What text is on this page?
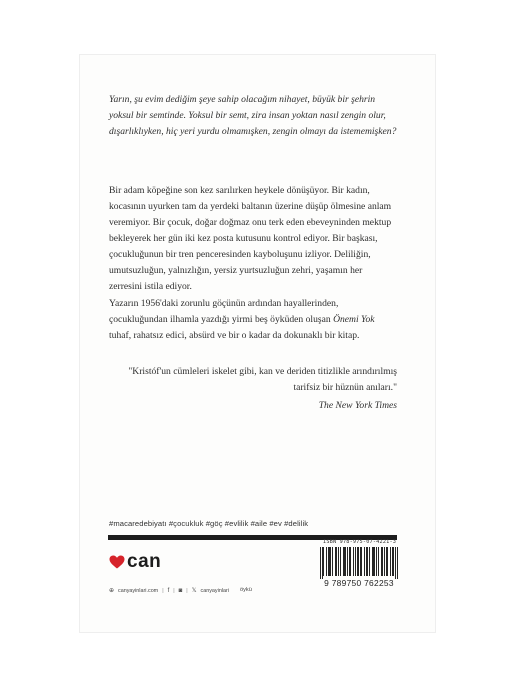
Yarın, şu evim dediğim şeye sahip olacağım nihayet, büyük bir şehrin yoksul bir semtinde. Yoksul bir semt, zira insan yoktan nasıl zengin olur, dışarlıklıyken, hiç yeri yurdu olmamışken, zengin olmayı da istememişken?

Bir adam köpeğine son kez sarılırken heykele dönüşüyor. Bir kadın, kocasının uyurken tam da yerdeki baltanın üzerine düşüp ölmesine anlam veremiyor. Bir çocuk, doğar doğmaz onu terk eden ebeveyninden mektup bekleyerek her gün iki kez posta kutusunu kontrol ediyor. Bir başkası, çocukluğunun bir tren penceresinden kayboluşunu izliyor. Deliliğin, umutsuzluğun, yalnızlığın, yersiz yurtsuzluğun zehri, yaşamın her zerresini istila ediyor.

Yazarın 1956'daki zorunlu göçünün ardından hayallerinden, çocukluğundan ilhamla yazdığı yirmi beş öyküden oluşan Önemi Yok tuhaf, rahatsız edici, absürd ve bir o kadar da dokunaklı bir kitap.

"Kristóf'un cümleleri iskelet gibi, kan ve deriden titizlikle arındırılmış tarifsiz bir hüznün anıları."

The New York Times
#macaredebiyatı #çocukluk #göç #evlilik #aile #ev #delilik
can
⊕ canyayinlari.com | f | ◙ | 𝕏 canyayinlari öykü
ISBN 978-975-07-4221-3
9 789750 762253
